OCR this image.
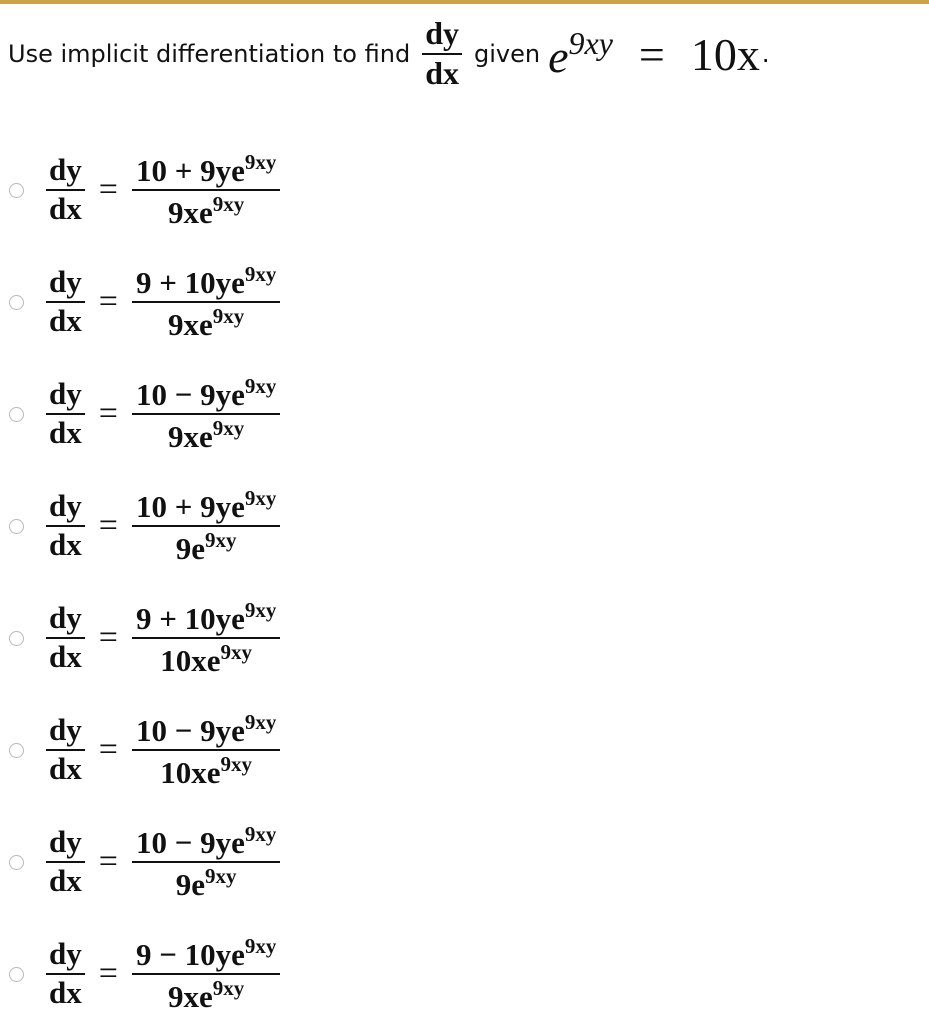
Use implicit differentiation to find $\frac{dy}{dx}$ given $e^{9xy} = 10x$ .
$\frac{dy}{dx} = \frac{10 + 9ye^{9xy}}{9xe^{9xy}}$
$\frac{dy}{dx} = \frac{9 + 10ye^{9xy}}{9xe^{9xy}}$
$\frac{dy}{dx} = \frac{10 - 9ye^{9xy}}{9xe^{9xy}}$
$\frac{dy}{dx} = \frac{10 + 9ye^{9xy}}{9e^{9xy}}$
$\frac{dy}{dx} = \frac{9 + 10ye^{9xy}}{10xe^{9xy}}$
$\frac{dy}{dx} = \frac{10 - 9ye^{9xy}}{10xe^{9xy}}$
$\frac{dy}{dx} = \frac{10 - 9ye^{9xy}}{9e^{9xy}}$
$\frac{dy}{dx} = \frac{9 - 10ye^{9xy}}{9xe^{9xy}}$
